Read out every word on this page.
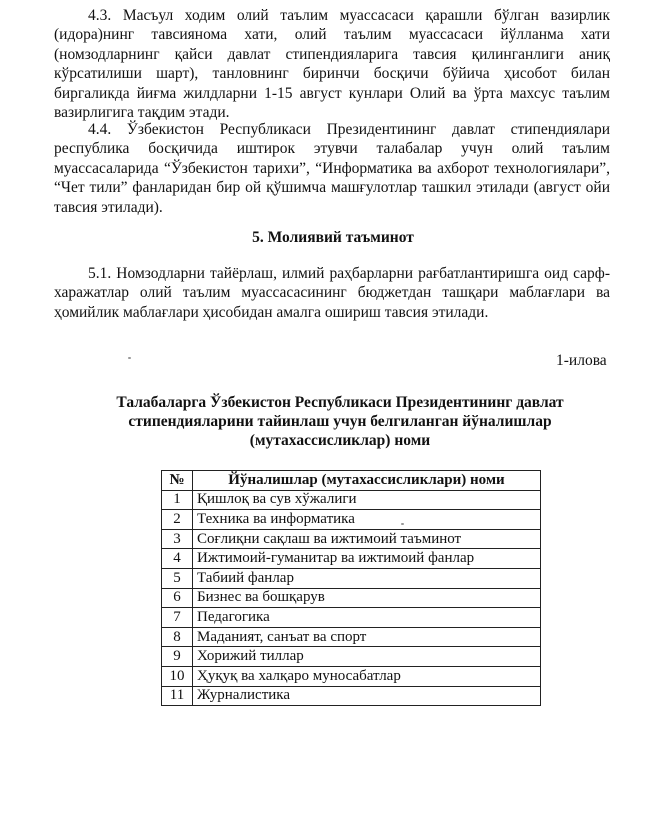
4.3. Масъул ходим олий таълим муассасаси қарашли бўлган вазирлик (идора)нинг тавсиянома хати, олий таълим муассасаси йўлланма хати (номзодларнинг қайси давлат стипендияларига тавсия қилинганлиги аниқ кўрсатилиши шарт), танловнинг биринчи босқичи бўйича ҳисобот билан биргаликда йиғма жилдларни 1-15 август кунлари Олий ва ўрта махсус таълим вазирлигига тақдим этади.

4.4. Ўзбекистон Республикаси Президентининг давлат стипендиялари республика босқичида иштирок этувчи талабалар учун олий таълим муассасаларида “Ўзбекистон тарихи”, “Информатика ва ахборот технологиялари”, “Чет тили” фанларидан бир ой қўшимча машғулотлар ташкил этилади (август ойи тавсия этилади).

5. Молиявий таъминот

5.1. Номзодларни тайёрлаш, илмий раҳбарларни рағбатлантиришга оид сарф-харажатлар олий таълим муассасасининг бюджетдан ташқари маблағлари ва ҳомийлик маблағлари ҳисобидан амалга ошириш тавсия этилади.

1-илова

Талабаларга Ўзбекистон Республикаси Президентининг давлат
стипендияларини тайинлаш учун белгиланган йўналишлар
(мутахассисликлар) номи
№	Йўналишлар (мутахассисликлари) номи
1	Қишлоқ ва сув хўжалиги
2	Техника ва информатика
3	Соғлиқни сақлаш ва ижтимоий таъминот
4	Ижтимоий-гуманитар ва ижтимоий фанлар
5	Табиий фанлар
6	Бизнес ва бошқарув
7	Педагогика
8	Маданият, санъат ва спорт
9	Хорижий тиллар
10	Ҳуқуқ ва халқаро муносабатлар
11	Журналистика
